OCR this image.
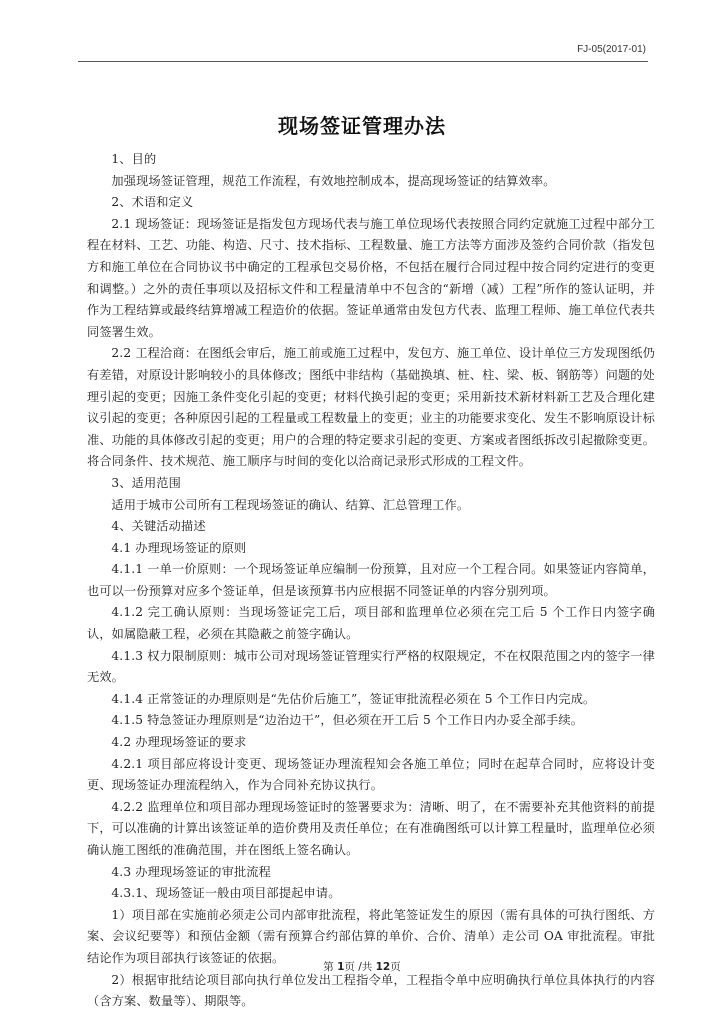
FJ-05(2017-01)
现场签证管理办法

1、目的

加强现场签证管理，规范工作流程，有效地控制成本，提高现场签证的结算效率。

2、术语和定义

2.1 现场签证：现场签证是指发包方现场代表与施工单位现场代表按照合同约定就施工过程中部分工程在材料、工艺、功能、构造、尺寸、技术指标、工程数量、施工方法等方面涉及签约合同价款（指发包方和施工单位在合同协议书中确定的工程承包交易价格，不包括在履行合同过程中按合同约定进行的变更和调整。）之外的责任事项以及招标文件和工程量清单中不包含的“新增（减）工程”所作的签认证明，并作为工程结算或最终结算增减工程造价的依据。签证单通常由发包方代表、监理工程师、施工单位代表共同签署生效。

2.2 工程洽商：在图纸会审后，施工前或施工过程中，发包方、施工单位、设计单位三方发现图纸仍有差错，对原设计影响较小的具体修改；图纸中非结构（基础换填、桩、柱、梁、板、钢筋等）问题的处理引起的变更；因施工条件变化引起的变更；材料代换引起的变更；采用新技术新材料新工艺及合理化建议引起的变更；各种原因引起的工程量或工程数量上的变更；业主的功能要求变化、发生不影响原设计标准、功能的具体修改引起的变更；用户的合理的特定要求引起的变更、方案或者图纸拆改引起撤除变更。将合同条件、技术规范、施工顺序与时间的变化以洽商记录形式形成的工程文件。

3、适用范围

适用于城市公司所有工程现场签证的确认、结算、汇总管理工作。

4、关键活动描述

4.1 办理现场签证的原则

4.1.1 一单一价原则：一个现场签证单应编制一份预算，且对应一个工程合同。如果签证内容简单，也可以一份预算对应多个签证单，但是该预算书内应根据不同签证单的内容分别列项。

4.1.2 完工确认原则：当现场签证完工后，项目部和监理单位必须在完工后 5 个工作日内签字确认，如属隐蔽工程，必须在其隐蔽之前签字确认。

4.1.3 权力限制原则：城市公司对现场签证管理实行严格的权限规定，不在权限范围之内的签字一律无效。

4.1.4 正常签证的办理原则是“先估价后施工”，签证审批流程必须在 5 个工作日内完成。

4.1.5 特急签证办理原则是“边治边干”，但必须在开工后 5 个工作日内办妥全部手续。

4.2 办理现场签证的要求

4.2.1 项目部应将设计变更、现场签证办理流程知会各施工单位；同时在起草合同时，应将设计变更、现场签证办理流程纳入，作为合同补充协议执行。

4.2.2 监理单位和项目部办理现场签证时的签署要求为：清晰、明了，在不需要补充其他资料的前提下，可以准确的计算出该签证单的造价费用及责任单位；在有准确图纸可以计算工程量时，监理单位必须确认施工图纸的准确范围，并在图纸上签名确认。

4.3 办理现场签证的审批流程

4.3.1、现场签证一般由项目部提起申请。

1）项目部在实施前必须走公司内部审批流程，将此笔签证发生的原因（需有具体的可执行图纸、方案、会议纪要等）和预估金额（需有预算合约部估算的单价、合价、清单）走公司 OA 审批流程。审批结论作为项目部执行该签证的依据。

2）根据审批结论项目部向执行单位发出工程指令单，工程指令单中应明确执行单位具体执行的内容（含方案、数量等）、期限等。

第 1页 /共 12页
